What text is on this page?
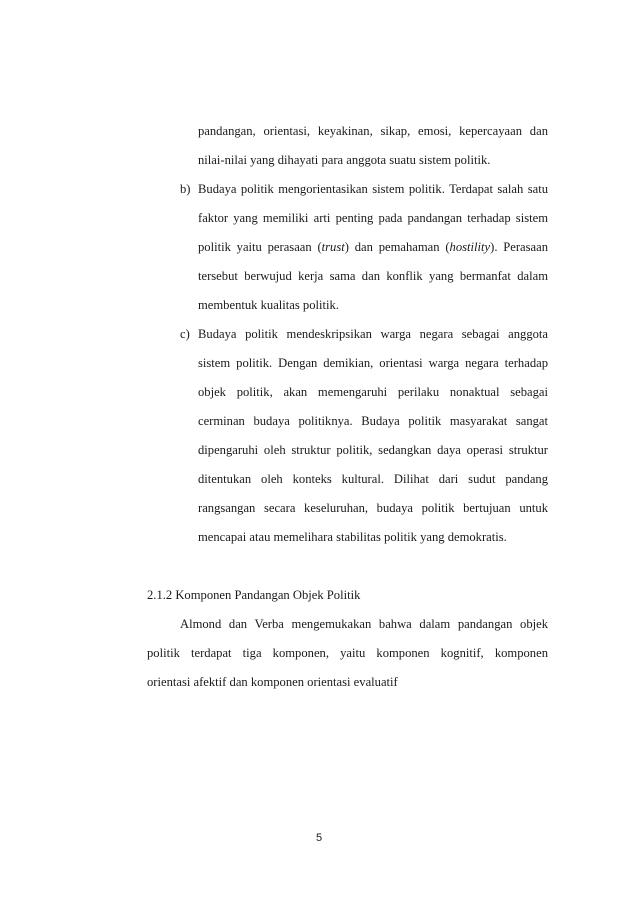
pandangan, orientasi, keyakinan, sikap, emosi, kepercayaan dan
nilai-nilai yang dihayati para anggota suatu sistem politik.
b) Budaya politik mengorientasikan sistem politik. Terdapat salah satu
faktor yang memiliki arti penting pada pandangan terhadap sistem
politik yaitu perasaan (trust) dan pemahaman (hostility). Perasaan
tersebut berwujud kerja sama dan konflik yang bermanfat dalam
membentuk kualitas politik.
c) Budaya politik mendeskripsikan warga negara sebagai anggota
sistem politik. Dengan demikian, orientasi warga negara terhadap
objek politik, akan memengaruhi perilaku nonaktual sebagai
cerminan budaya politiknya. Budaya politik masyarakat sangat
dipengaruhi oleh struktur politik, sedangkan daya operasi struktur
ditentukan oleh konteks kultural. Dilihat dari sudut pandang
rangsangan secara keseluruhan, budaya politik bertujuan untuk
mencapai atau memelihara stabilitas politik yang demokratis.
2.1.2 Komponen Pandangan Objek Politik
Almond dan Verba mengemukakan bahwa dalam pandangan objek
politik terdapat tiga komponen, yaitu komponen kognitif, komponen
orientasi afektif dan komponen orientasi evaluatif
5
